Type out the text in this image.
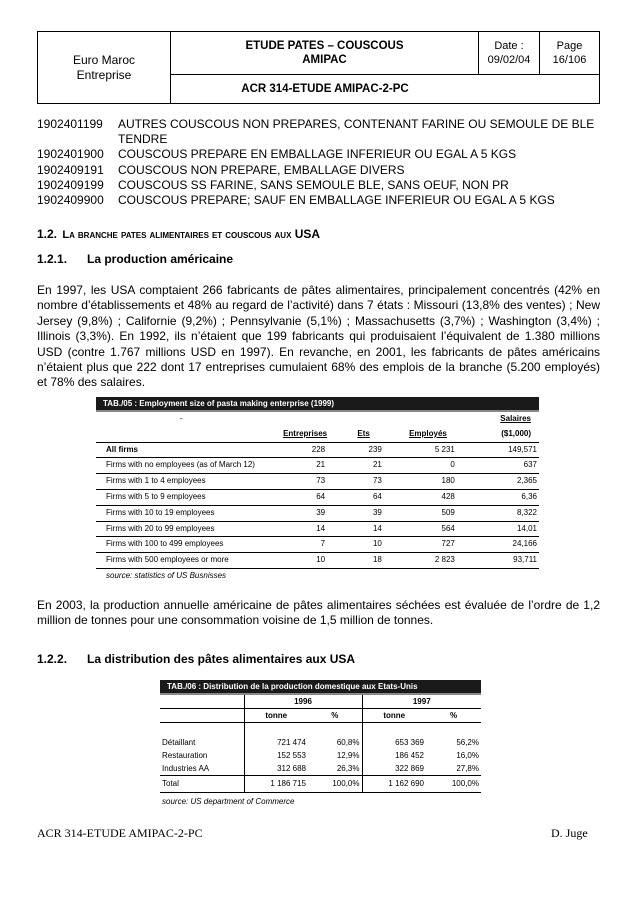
Euro Maroc Entreprise
ETUDE PATES – COUSCOUS
AMIPAC
Date :
09/02/04
Page
16/106
ACR 314-ETUDE AMIPAC-2-PC
1902401199	AUTRES COUSCOUS NON PREPARES, CONTENANT FARINE OU SEMOULE DE BLE TENDRE
1902401900	COUSCOUS PREPARE EN EMBALLAGE INFERIEUR OU EGAL A 5 KGS
1902409191	COUSCOUS NON PREPARE, EMBALLAGE DIVERS
1902409199	COUSCOUS SS FARINE, SANS SEMOULE BLE, SANS OEUF, NON PR
1902409900	COUSCOUS PREPARE; SAUF EN EMBALLAGE INFERIEUR OU EGAL A 5 KGS
1.2. La branche pates alimentaires et couscous aux USA
1.2.1. La production américaine

En 1997, les USA comptaient 266 fabricants de pâtes alimentaires, principalement concentrés (42% en nombre d’établissements et 48% au regard de l’activité) dans 7 états : Missouri (13,8% des ventes) ; New Jersey (9,8%) ; Californie (9,2%) ; Pennsylvanie (5,1%) ; Massachusetts (3,7%) ; Washington (3,4%) ; Illinois (3,3%). En 1992, ils n’étaient que 199 fabricants qui produisaient l’équivalent de 1.380 millions USD (contre 1.767 millions USD en 1997). En revanche, en 2001, les fabricants de pâtes américains n’étaient plus que 222 dont 17 entreprises cumulaient 68% des emplois de la branche (5.200 employés) et 78% des salaires.

TAB./05 : Employment size of pasta making enterprise (1999)
-				Salaires
	Entreprises	Ets	Employés	($1,000)
All firms	228	239	5 231	149,571
Firms with no employees (as of March 12)	21	21	0	637
Firms with 1 to 4 employees	73	73	180	2,365
Firms with 5 to 9 employees	64	64	428	6,36
Firms with 10 to 19 employees	39	39	509	8,322
Firms with 20 to 99 employees	14	14	564	14,01
Firms with 100 to 499 employees	7	10	727	24,166
Firms with 500 employees or more	10	18	2 823	93,711
source: statistics of US Busnisses				

En 2003, la production annuelle américaine de pâtes alimentaires séchées est évaluée de l’ordre de 1,2 million de tonnes pour une consommation voisine de 1,5 million de tonnes.

1.2.2. La distribution des pâtes alimentaires aux USA
TAB./06 : Distribution de la production domestique aux Etats-Unis
	1996		1997	
	tonne	%	tonne	%

Détaillant	721 474	60,8%	653 369	56,2%
Restauration	152 553	12,9%	186 452	16,0%
Industries AA	312 688	26,3%	322 869	27,8%
Total	1 186 715	100,0%	1 162 690	100,0%
source: US department of Commerce				
ACR 314-ETUDE AMIPAC-2-PC	D. Juge
